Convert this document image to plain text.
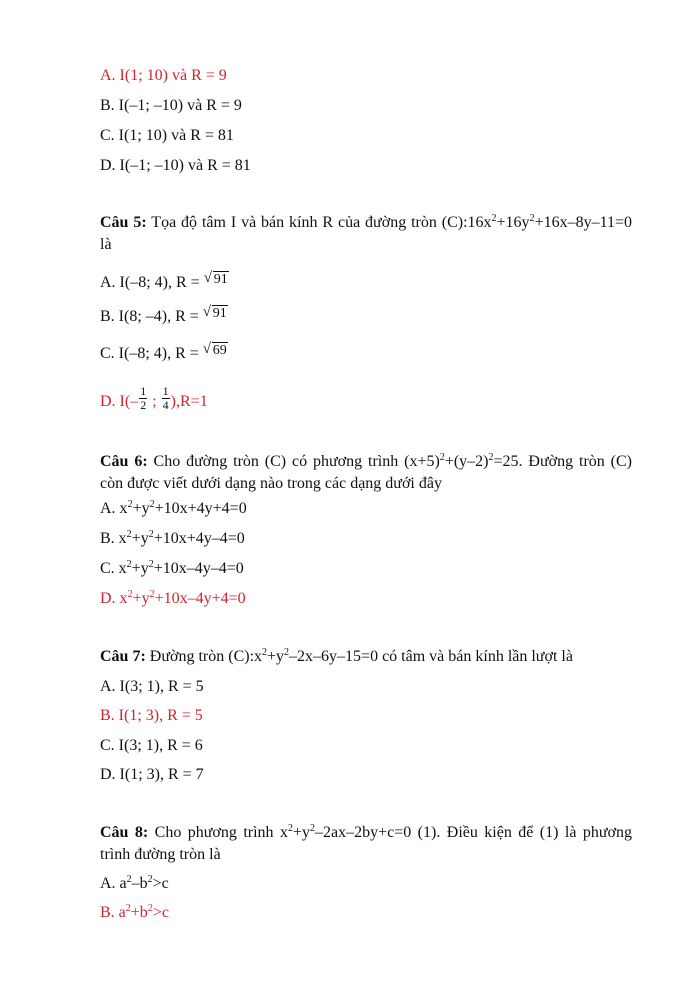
A. I(1; 10) và R = 9
B. I(–1; –10) và R = 9
C. I(1; 10) và R = 81
D. I(–1; –10) và R = 81
Câu 5: Tọa độ tâm I và bán kính R của đường tròn $(C):16x^2+16y^2+16x-8y-11=0$ là
A. I(–8; 4), R = √ 91
B. I(8; –4), R = √ 91
C. I(–8; 4), R = √ 69
D. $I(- \frac{1}{2}$ ; $\frac{1}{4} ),R=1$
Câu 6: Cho đường tròn (C) có phương trình $(x+5)^2+(y-2)^2=25$. Đường tròn (C) còn được viết dưới dạng nào trong các dạng dưới đây
A. $x^2+y^2+10x+4y+4=0$
B. $x^2+y^2+10x+4y-4=0$
C. $x^2+y^2+10x-4y-4=0$
D. $x^2+y^2+10x-4y+4=0$
Câu 7: Đường tròn $(C):x^2+y^2-2x-6y-15=0$ có tâm và bán kính lần lượt là
A. I(3; 1), R = 5
B. I(1; 3), R = 5
C. I(3; 1), R = 6
D. I(1; 3), R = 7
Câu 8: Cho phương trình $x^2+y^2-2ax-2by+c=0$ (1). Điều kiện để (1) là phương trình đường tròn là
A. $a^2-b^2>c$
B. $a^2+b^2>c$
